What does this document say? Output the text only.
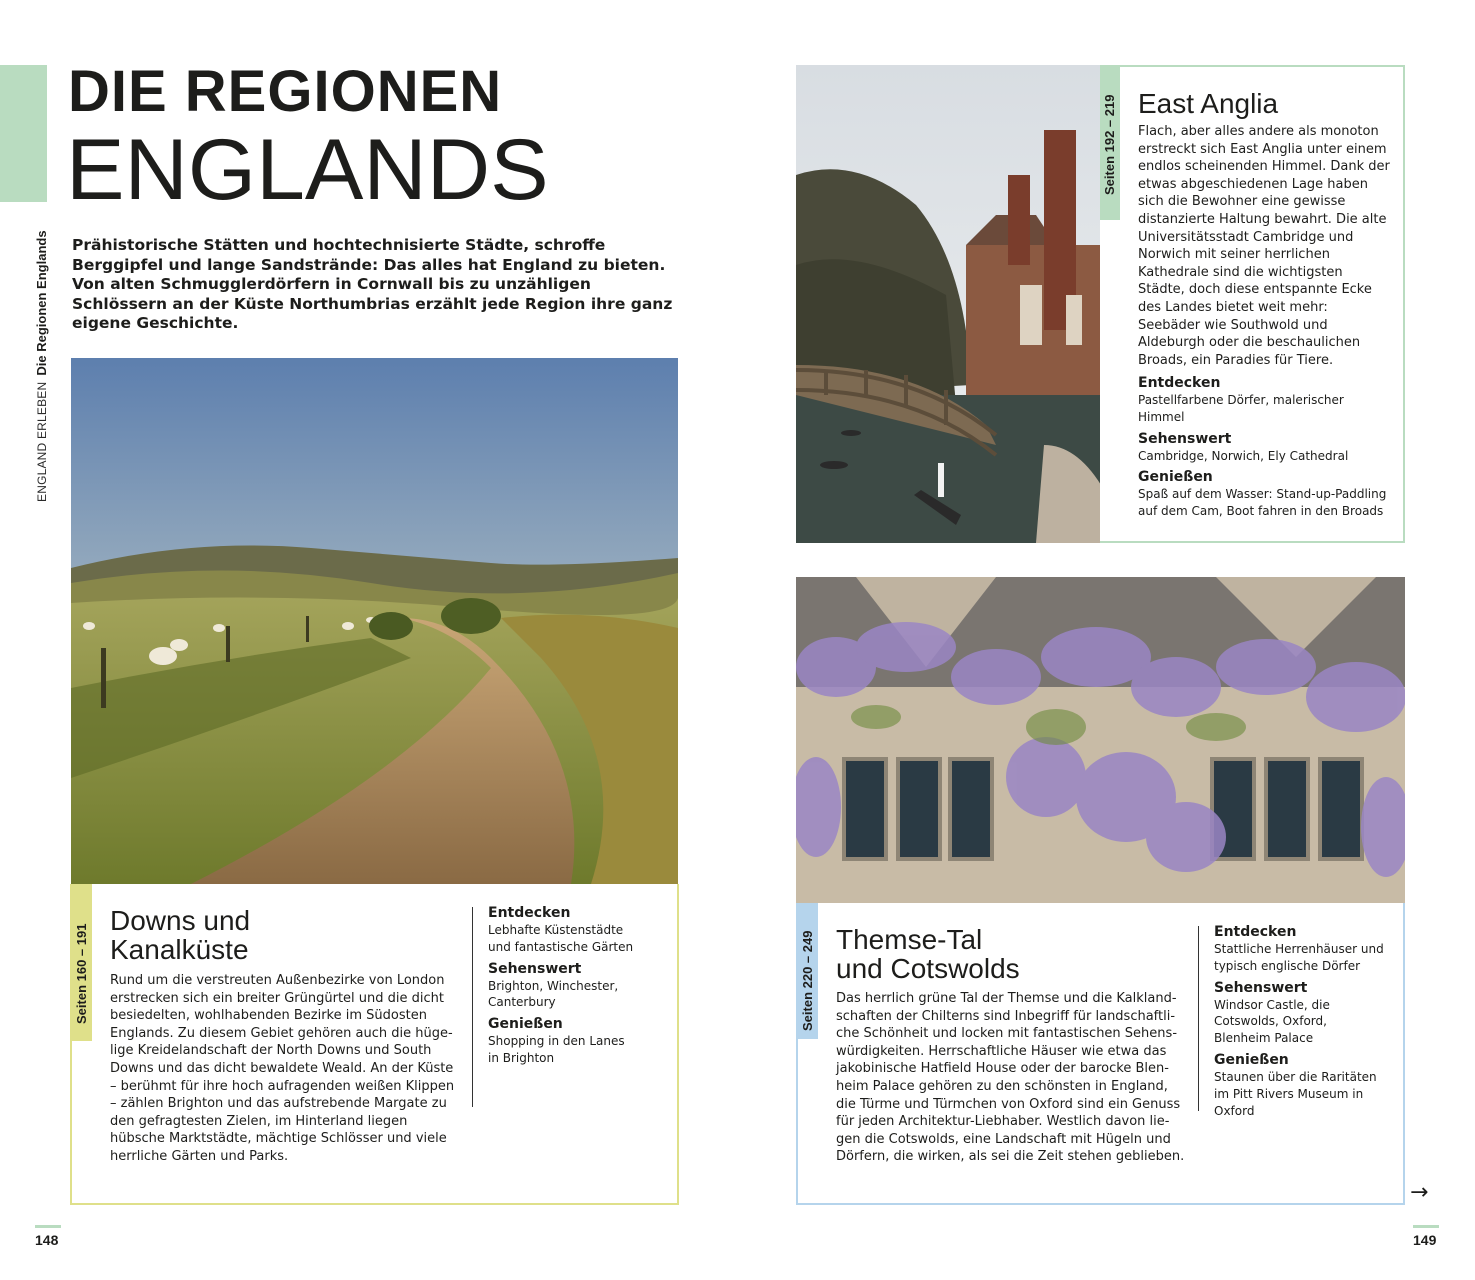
ENGLAND ERLEBENDie Regionen Englands
DIE REGIONEN
ENGLANDS
Prähistorische Stätten und hochtechnisierte Städte, schroffe Berggipfel und lange Sandstrände: Das alles hat England zu bieten. Von alten Schmugglerdörfern in Cornwall bis zu unzähligen Schlössern an der Küste Northumbrias erzählt jede Region ihre ganz eigene Geschichte.
Seiten 160 – 191
Downs und
Kanalküste
Rund um die verstreuten Außenbezirke von London erstrecken sich ein breiter Grüngürtel und die dicht besiedelten, wohlhabenden Bezirke im Südosten Englands. Zu diesem Gebiet gehören auch die hügelige Kreidelandschaft der North Downs und South Downs und das dicht bewaldete Weald. An der Küste – berühmt für ihre hoch aufragenden weißen Klippen – zählen Brighton und das aufstrebende Margate zu den gefragtesten Zielen, im Hinterland liegen hübsche Marktstädte, mächtige Schlösser und viele herrliche Gärten und Parks.
Entdecken
Lebhafte Küstenstädte und fantastische Gärten
Sehenswert
Brighton, Winchester, Canterbury
Genießen
Shopping in den Lanes in Brighton
148
Seiten 192 – 219 East Anglia
Flach, aber alles andere als monoton erstreckt sich East Anglia unter einem endlos scheinenden Himmel. Dank der etwas abgeschiedenen Lage haben sich die Bewohner eine gewisse distanzierte Haltung bewahrt. Die alte Universitätsstadt Cambridge und Norwich mit seiner herrlichen Kathedrale sind die wichtigsten Städte, doch diese entspannte Ecke des Landes bietet weit mehr: Seebäder wie Southwold und Aldeburgh oder die beschaulichen Broads, ein Paradies für Tiere.
Entdecken
Pastellfarbene Dörfer, malerischer Himmel
Sehenswert
Cambridge, Norwich, Ely Cathedral
Genießen
Spaß auf dem Wasser: Stand-up-Paddling auf dem Cam, Boot fahren in den Broads
Seiten 220 – 249 Themse-Tal
und Cotswolds
Das herrlich grüne Tal der Themse und die Kalklandschaften der Chilterns sind Inbegriff für landschaftliche Schönheit und locken mit fantastischen Sehenswürdigkeiten. Herrschaftliche Häuser wie etwa das jakobinische Hatfield House oder der barocke Blenheim Palace gehören zu den schönsten in England, die Türme und Türmchen von Oxford sind ein Genuss für jeden Architektur-Liebhaber. Westlich davon liegen die Cotswolds, eine Landschaft mit Hügeln und Dörfern, die wirken, als sei die Zeit stehen geblieben.
Entdecken
Stattliche Herrenhäuser und typisch englische Dörfer
Sehenswert
Windsor Castle, die Cotswolds, Oxford, Blenheim Palace
Genießen
Staunen über die Raritäten im Pitt Rivers Museum in Oxford
→
149
